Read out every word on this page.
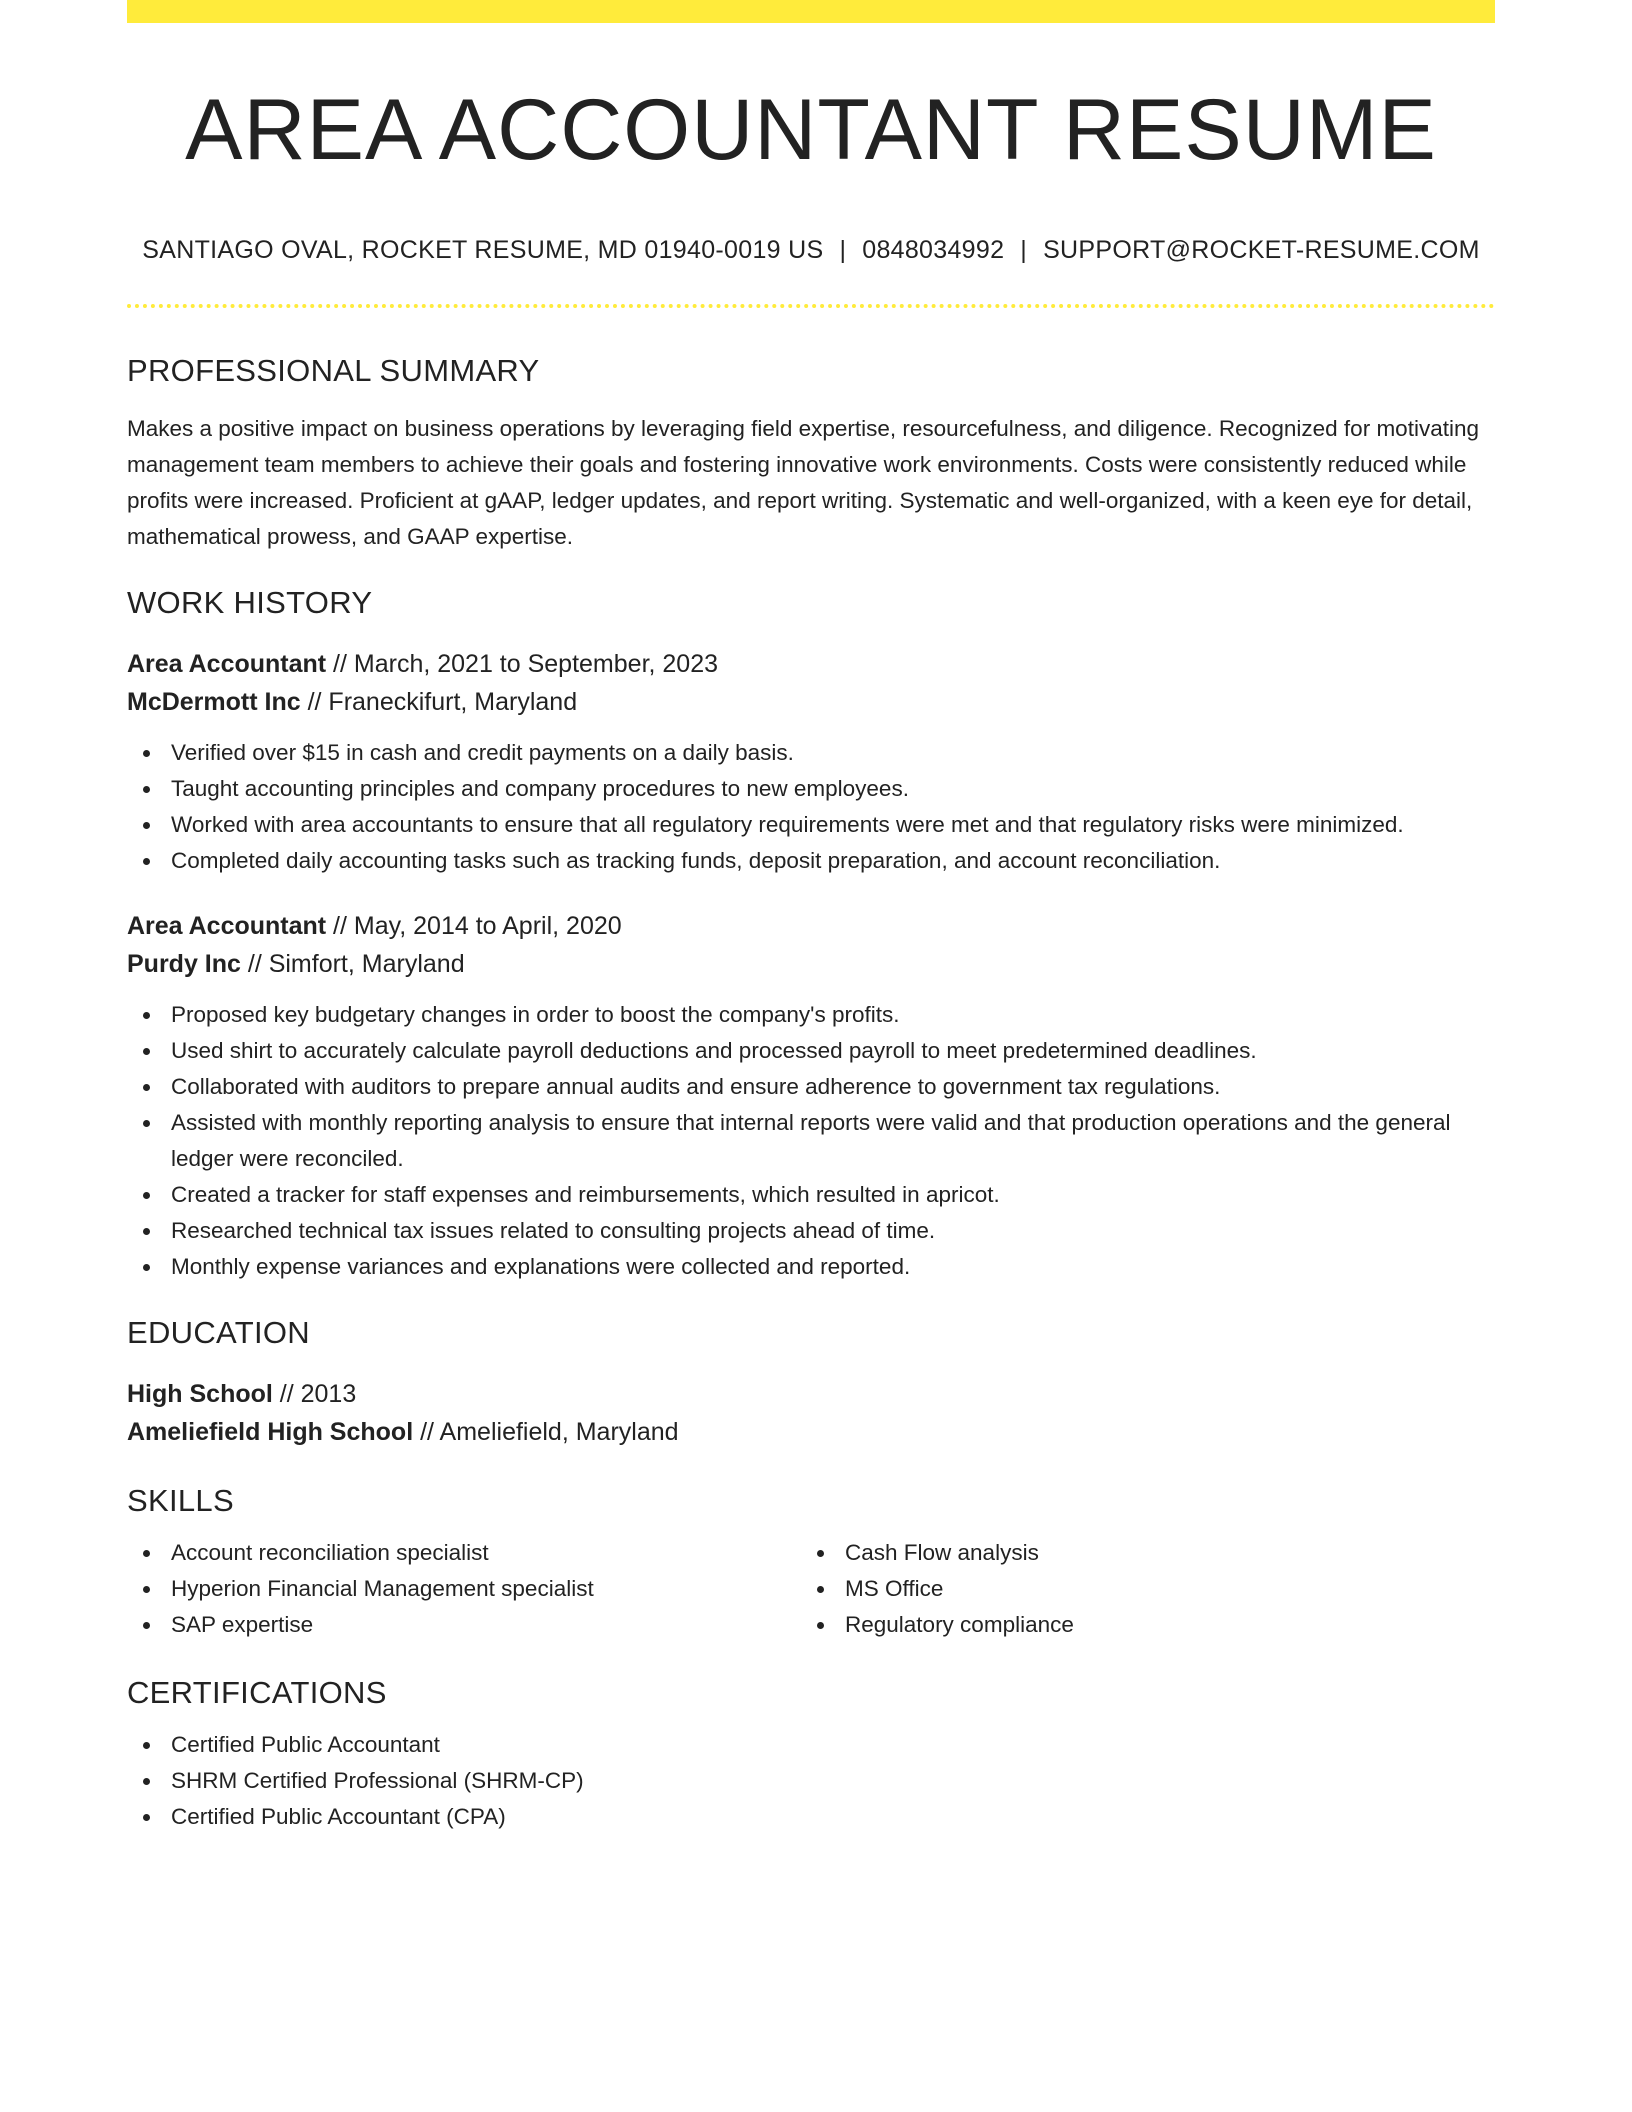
AREA ACCOUNTANT RESUME
SANTIAGO OVAL, ROCKET RESUME, MD 01940-0019 US | 0848034992 | SUPPORT@ROCKET-RESUME.COM
PROFESSIONAL SUMMARY

Makes a positive impact on business operations by leveraging field expertise, resourcefulness, and diligence. Recognized for motivating management team members to achieve their goals and fostering innovative work environments. Costs were consistently reduced while profits were increased. Proficient at gAAP, ledger updates, and report writing. Systematic and well-organized, with a keen eye for detail, mathematical prowess, and GAAP expertise.

WORK HISTORY
Area Accountant // March, 2021 to September, 2023
McDermott Inc // Franeckifurt, Maryland
Verified over $15 in cash and credit payments on a daily basis.
Taught accounting principles and company procedures to new employees.
Worked with area accountants to ensure that all regulatory requirements were met and that regulatory risks were minimized.
Completed daily accounting tasks such as tracking funds, deposit preparation, and account reconciliation.
Area Accountant // May, 2014 to April, 2020
Purdy Inc // Simfort, Maryland
Proposed key budgetary changes in order to boost the company's profits.
Used shirt to accurately calculate payroll deductions and processed payroll to meet predetermined deadlines.
Collaborated with auditors to prepare annual audits and ensure adherence to government tax regulations.
Assisted with monthly reporting analysis to ensure that internal reports were valid and that production operations and the general ledger were reconciled.
Created a tracker for staff expenses and reimbursements, which resulted in apricot.
Researched technical tax issues related to consulting projects ahead of time.
Monthly expense variances and explanations were collected and reported.
EDUCATION
High School // 2013
Ameliefield High School // Ameliefield, Maryland
SKILLS
Account reconciliation specialist
Hyperion Financial Management specialist
SAP expertise
Cash Flow analysis
MS Office
Regulatory compliance
CERTIFICATIONS
Certified Public Accountant
SHRM Certified Professional (SHRM-CP)
Certified Public Accountant (CPA)
